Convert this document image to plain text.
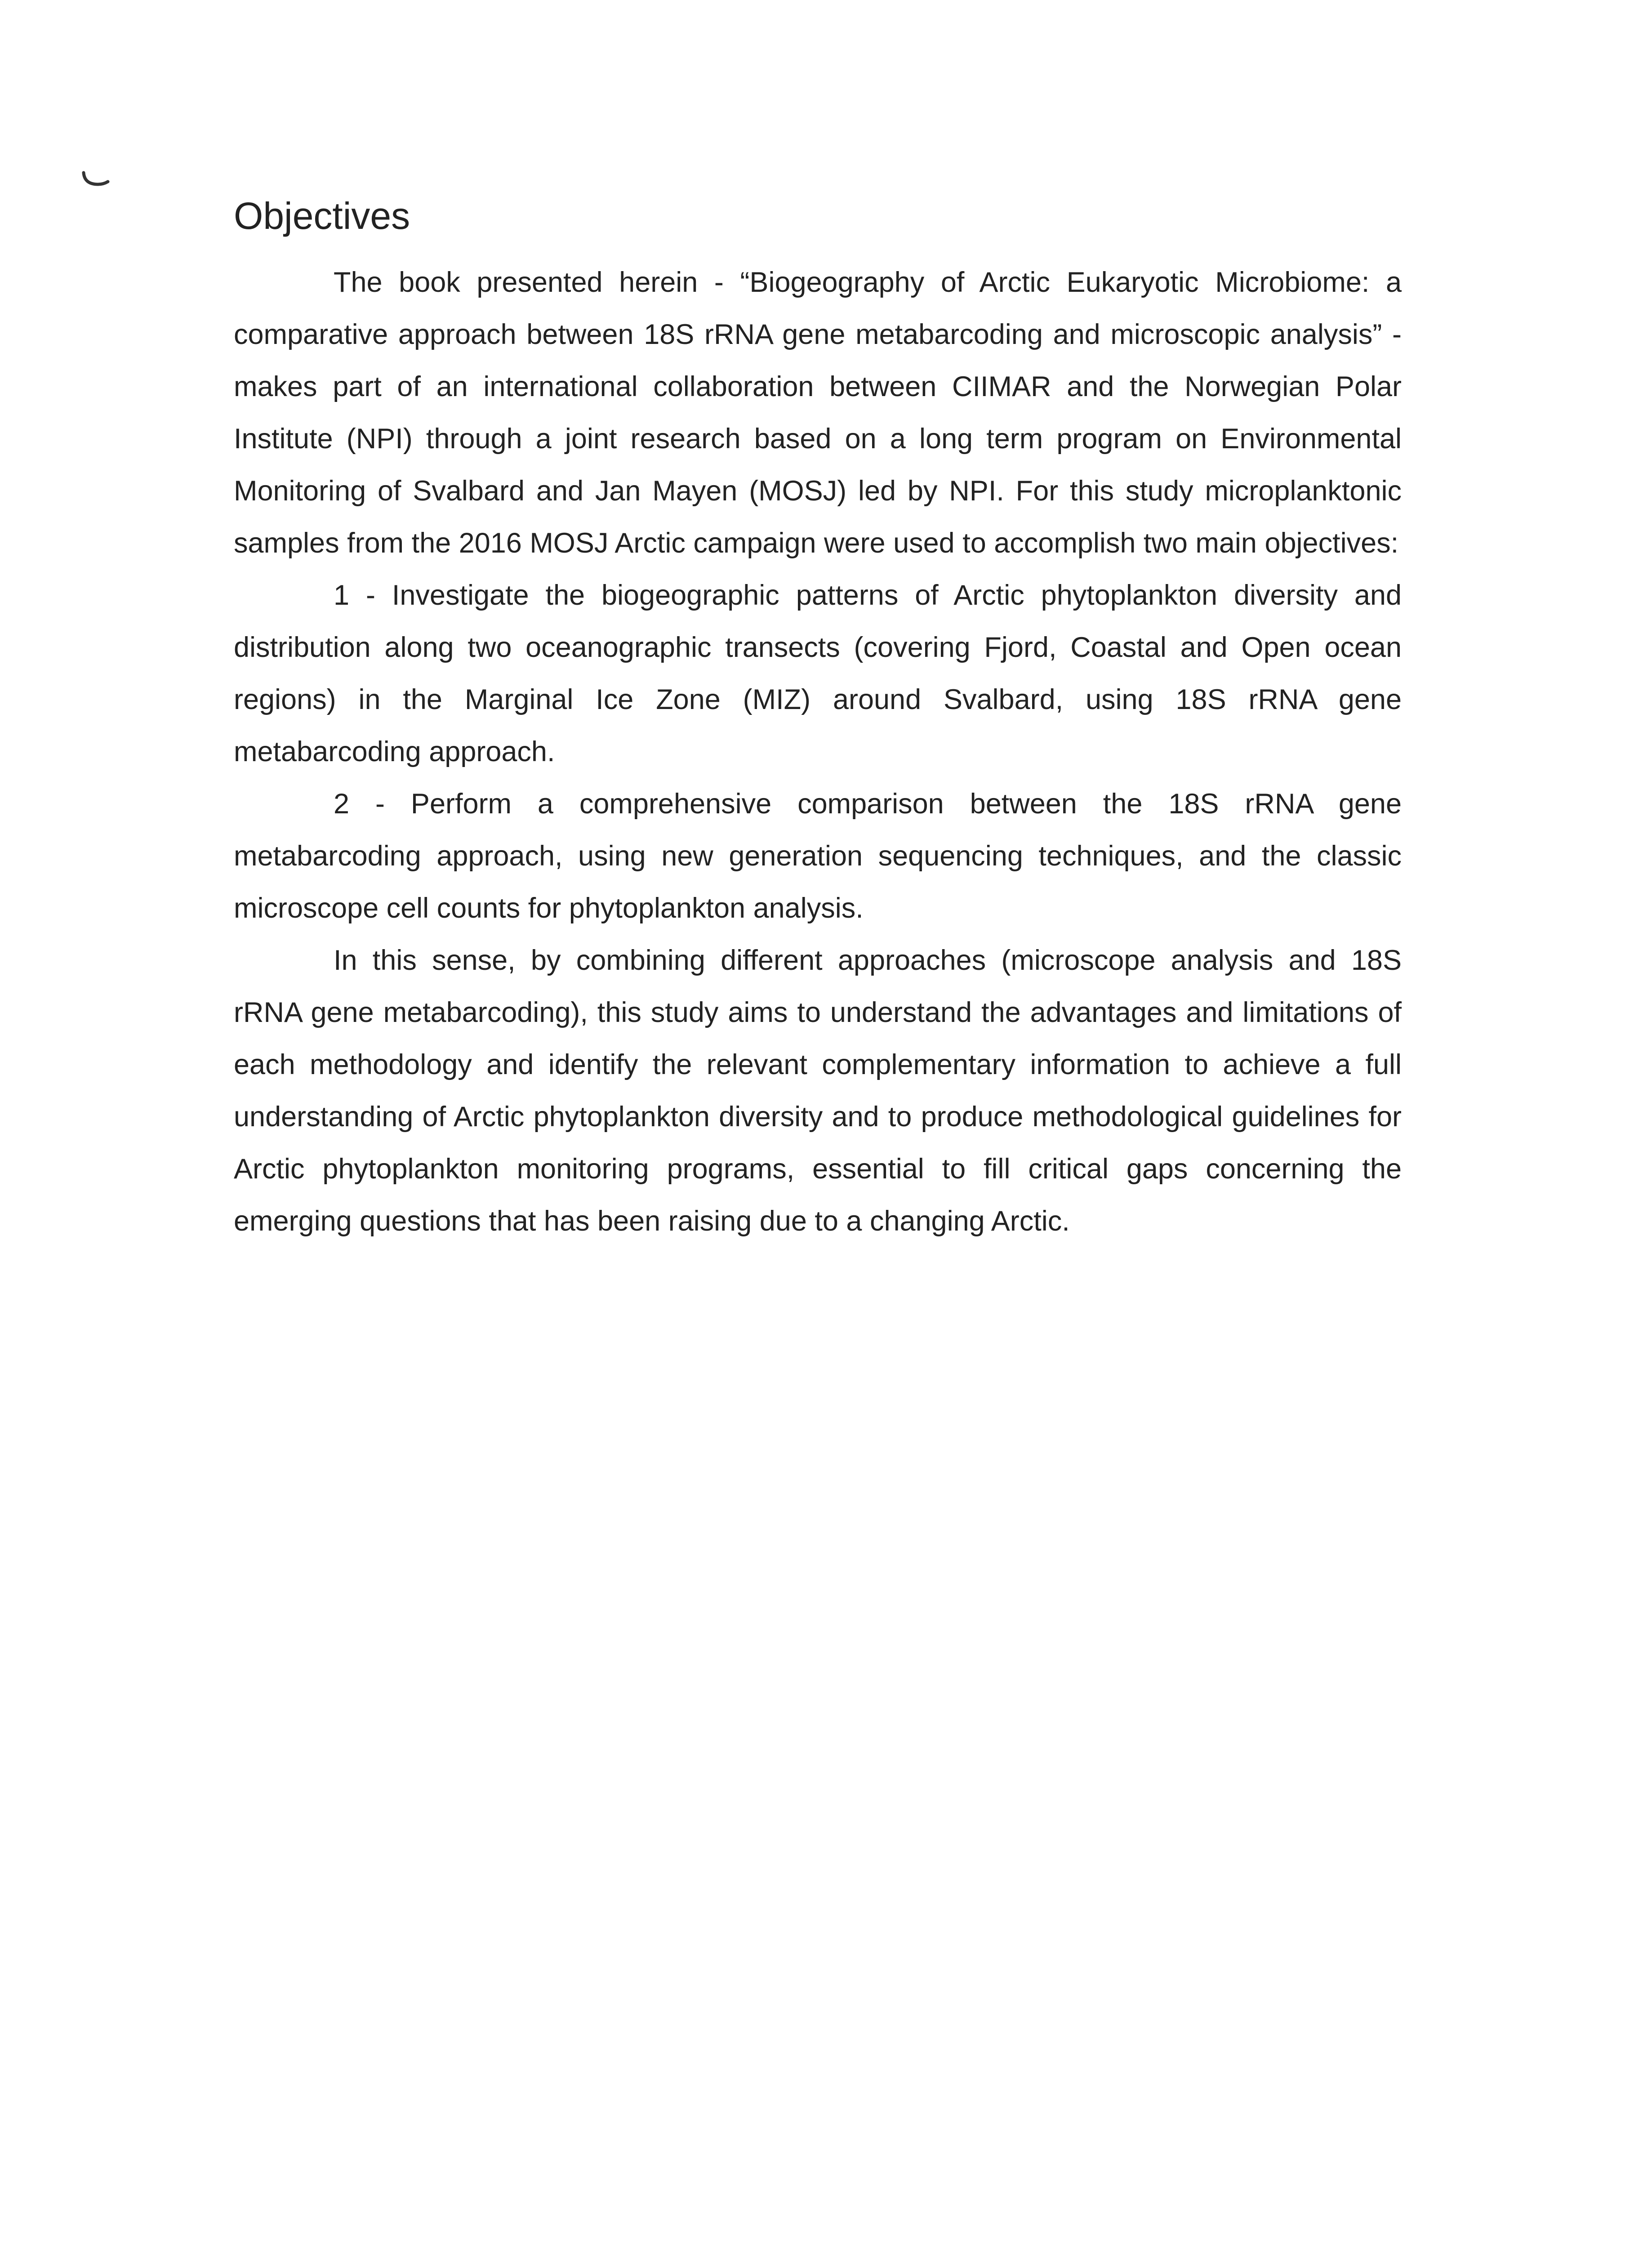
Objectives

The book presented herein - “Biogeography of Arctic Eukaryotic Microbiome: a comparative approach between 18S rRNA gene metabarcoding and microscopic analysis” - makes part of an international collaboration between CIIMAR and the Norwegian Polar Institute (NPI) through a joint research based on a long term program on Environmental Monitoring of Svalbard and Jan Mayen (MOSJ) led by NPI. For this study microplanktonic samples from the 2016 MOSJ Arctic campaign were used to accomplish two main objectives:

1 - Investigate the biogeographic patterns of Arctic phytoplankton diversity and distribution along two oceanographic transects (covering Fjord, Coastal and Open ocean regions) in the Marginal Ice Zone (MIZ) around Svalbard, using 18S rRNA gene metabarcoding approach.

2 - Perform a comprehensive comparison between the 18S rRNA gene metabarcoding approach, using new generation sequencing techniques, and the classic microscope cell counts for phytoplankton analysis.

In this sense, by combining different approaches (microscope analysis and 18S rRNA gene metabarcoding), this study aims to understand the advantages and limitations of each methodology and identify the relevant complementary information to achieve a full understanding of Arctic phytoplankton diversity and to produce methodological guidelines for Arctic phytoplankton monitoring programs, essential to fill critical gaps concerning the emerging questions that has been raising due to a changing Arctic.
